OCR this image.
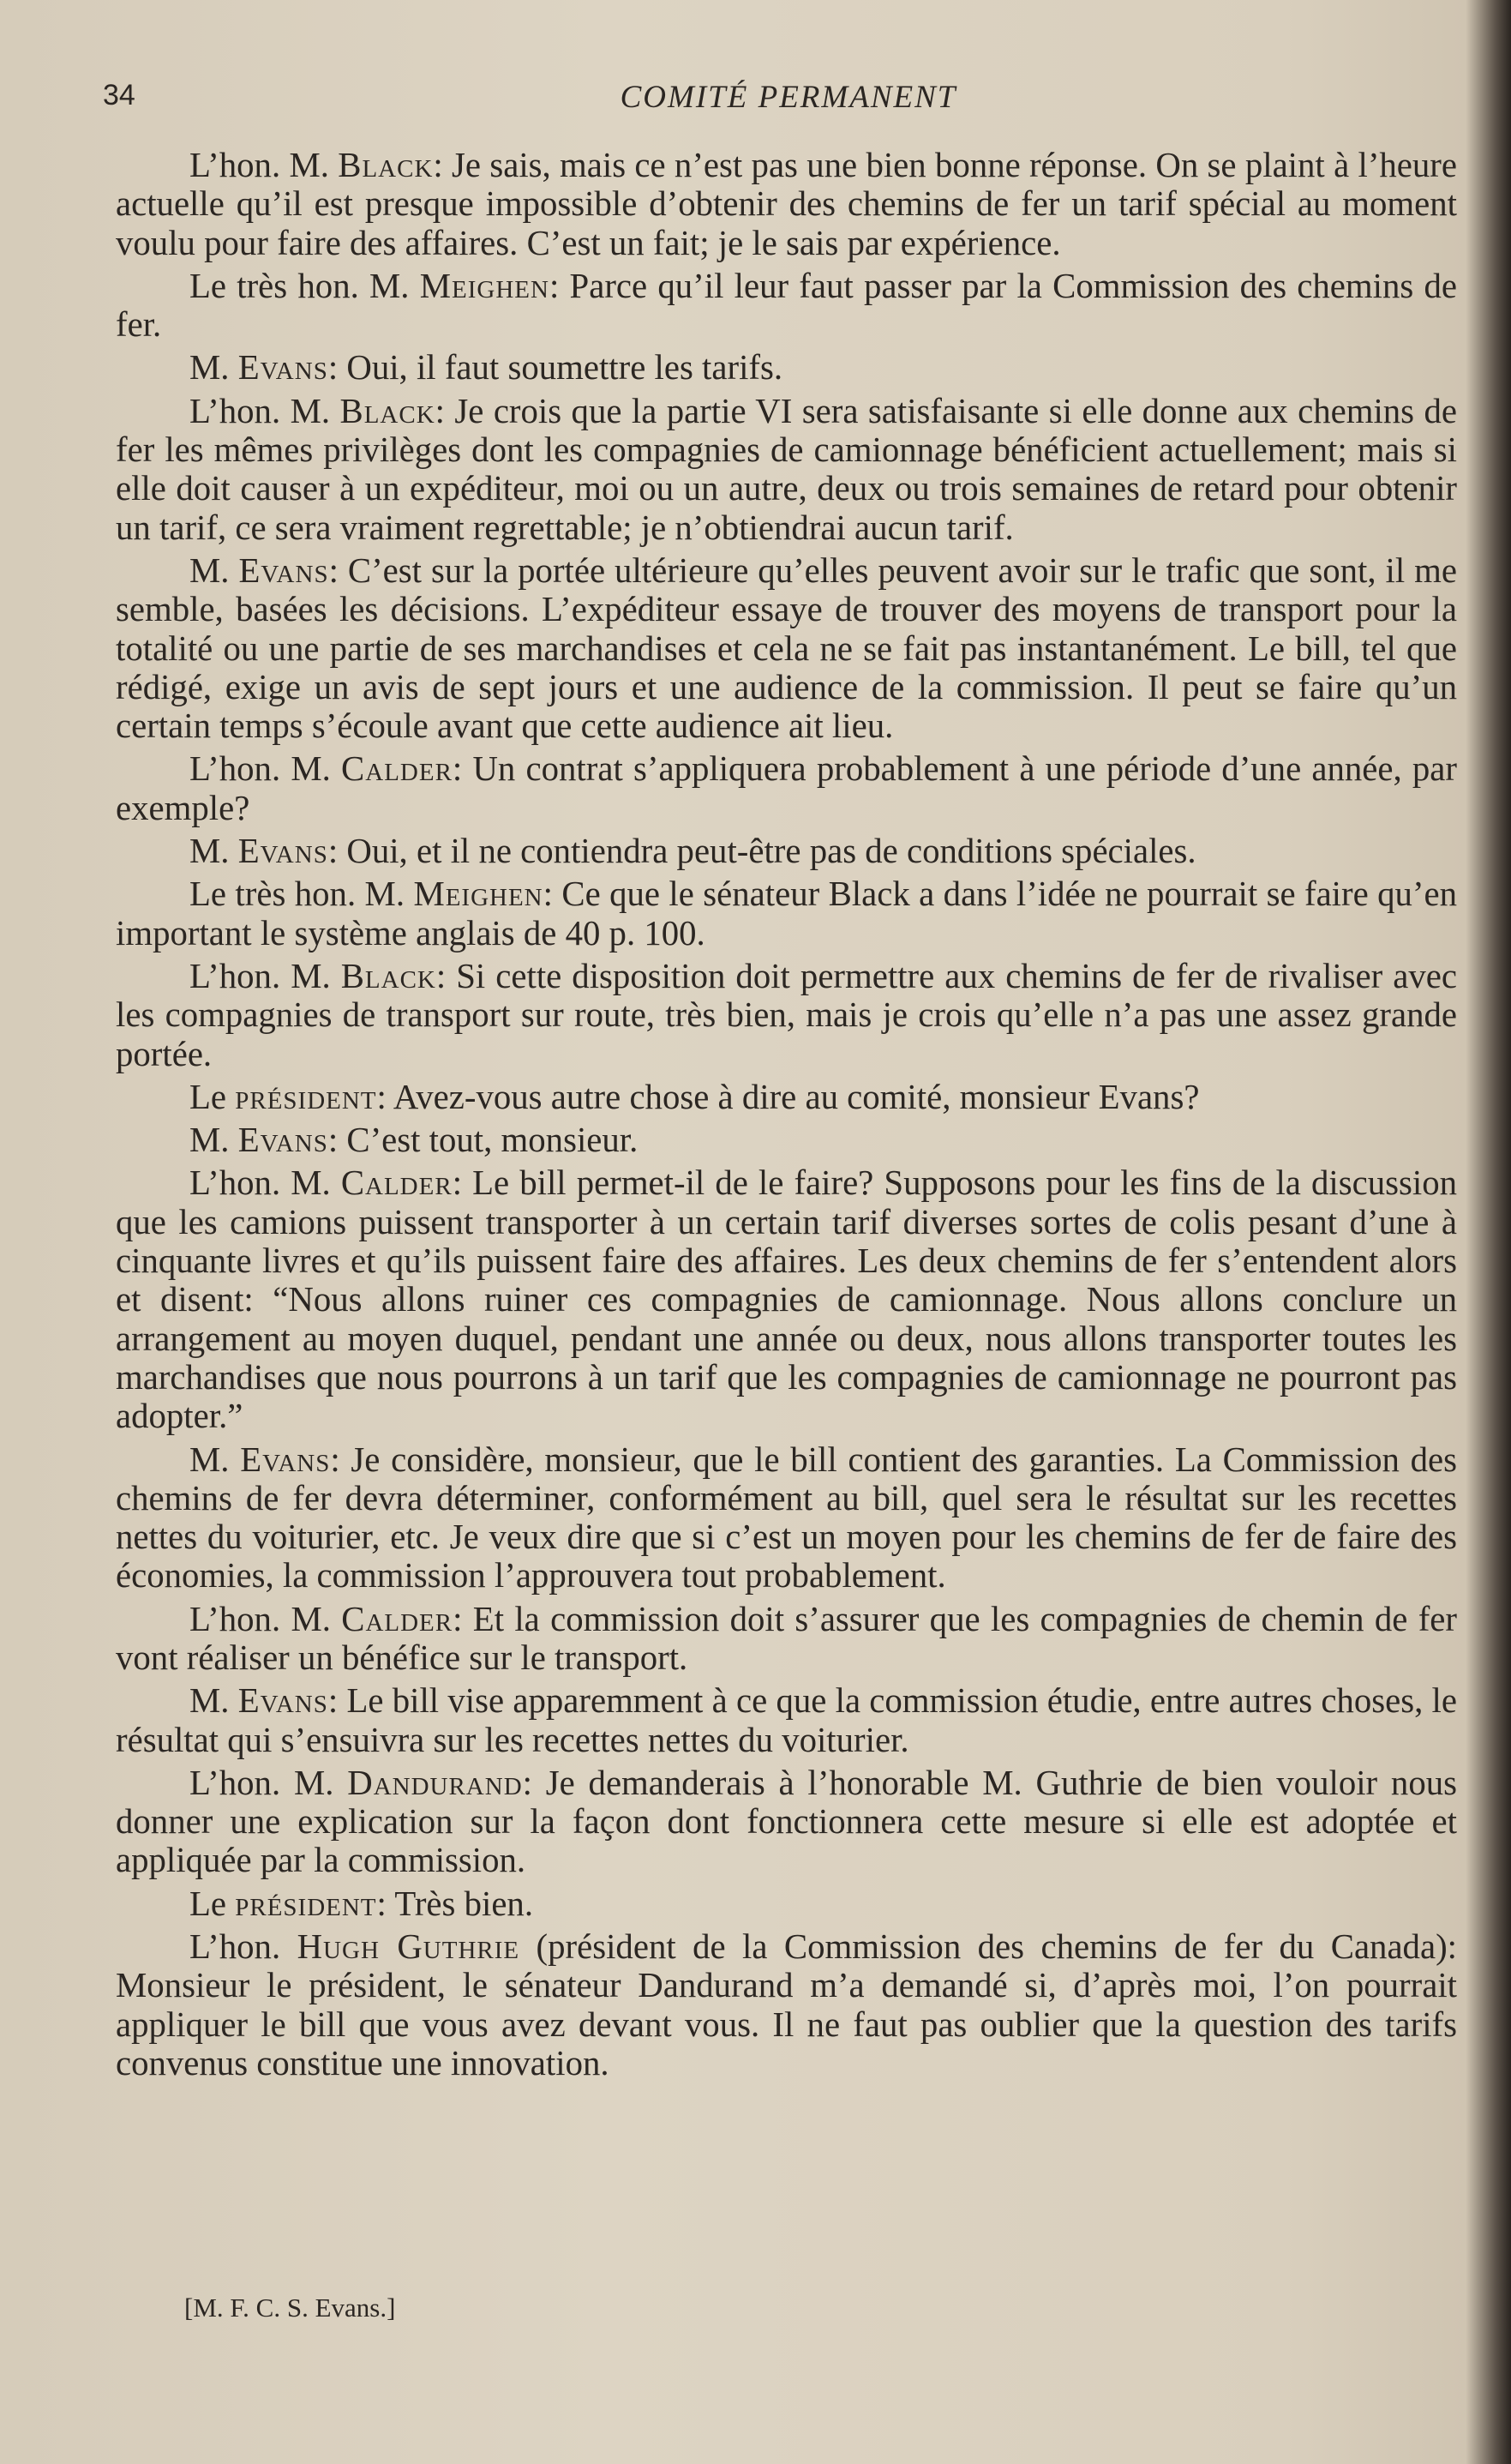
34	COMITÉ PERMANENT

L’hon. M. Black: Je sais, mais ce n’est pas une bien bonne réponse. On se plaint à l’heure actuelle qu’il est presque impossible d’obtenir des chemins de fer un tarif spécial au moment voulu pour faire des affaires. C’est un fait; je le sais par expérience.

Le très hon. M. Meighen: Parce qu’il leur faut passer par la Commission des chemins de fer.

M. Evans: Oui, il faut soumettre les tarifs.

L’hon. M. Black: Je crois que la partie VI sera satisfaisante si elle donne aux chemins de fer les mêmes privilèges dont les compagnies de camionnage bénéficient actuellement; mais si elle doit causer à un expéditeur, moi ou un autre, deux ou trois semaines de retard pour obtenir un tarif, ce sera vraiment regrettable; je n’obtiendrai aucun tarif.

M. Evans: C’est sur la portée ultérieure qu’elles peuvent avoir sur le trafic que sont, il me semble, basées les décisions. L’expéditeur essaye de trouver des moyens de transport pour la totalité ou une partie de ses marchandises et cela ne se fait pas instantanément. Le bill, tel que rédigé, exige un avis de sept jours et une audience de la commission. Il peut se faire qu’un certain temps s’écoule avant que cette audience ait lieu.

L’hon. M. Calder: Un contrat s’appliquera probablement à une période d’une année, par exemple?

M. Evans: Oui, et il ne contiendra peut-être pas de conditions spéciales.

Le très hon. M. Meighen: Ce que le sénateur Black a dans l’idée ne pourrait se faire qu’en important le système anglais de 40 p. 100.

L’hon. M. Black: Si cette disposition doit permettre aux chemins de fer de rivaliser avec les compagnies de transport sur route, très bien, mais je crois qu’elle n’a pas une assez grande portée.

Le président: Avez-vous autre chose à dire au comité, monsieur Evans?

M. Evans: C’est tout, monsieur.

L’hon. M. Calder: Le bill permet-il de le faire? Supposons pour les fins de la discussion que les camions puissent transporter à un certain tarif diverses sortes de colis pesant d’une à cinquante livres et qu’ils puissent faire des affaires. Les deux chemins de fer s’entendent alors et disent: “Nous allons ruiner ces compagnies de camionnage. Nous allons conclure un arrangement au moyen duquel, pendant une année ou deux, nous allons transporter toutes les marchandises que nous pourrons à un tarif que les compagnies de camionnage ne pourront pas adopter.”

M. Evans: Je considère, monsieur, que le bill contient des garanties. La Commission des chemins de fer devra déterminer, conformément au bill, quel sera le résultat sur les recettes nettes du voiturier, etc. Je veux dire que si c’est un moyen pour les chemins de fer de faire des économies, la commission l’approuvera tout probablement.

L’hon. M. Calder: Et la commission doit s’assurer que les compagnies de chemin de fer vont réaliser un bénéfice sur le transport.

M. Evans: Le bill vise apparemment à ce que la commission étudie, entre autres choses, le résultat qui s’ensuivra sur les recettes nettes du voiturier.

L’hon. M. Dandurand: Je demanderais à l’honorable M. Guthrie de bien vouloir nous donner une explication sur la façon dont fonctionnera cette mesure si elle est adoptée et appliquée par la commission.

Le président: Très bien.

L’hon. Hugh Guthrie (président de la Commission des chemins de fer du Canada): Monsieur le président, le sénateur Dandurand m’a demandé si, d’après moi, l’on pourrait appliquer le bill que vous avez devant vous. Il ne faut pas oublier que la question des tarifs convenus constitue une innovation.

[M. F. C. S. Evans.]
